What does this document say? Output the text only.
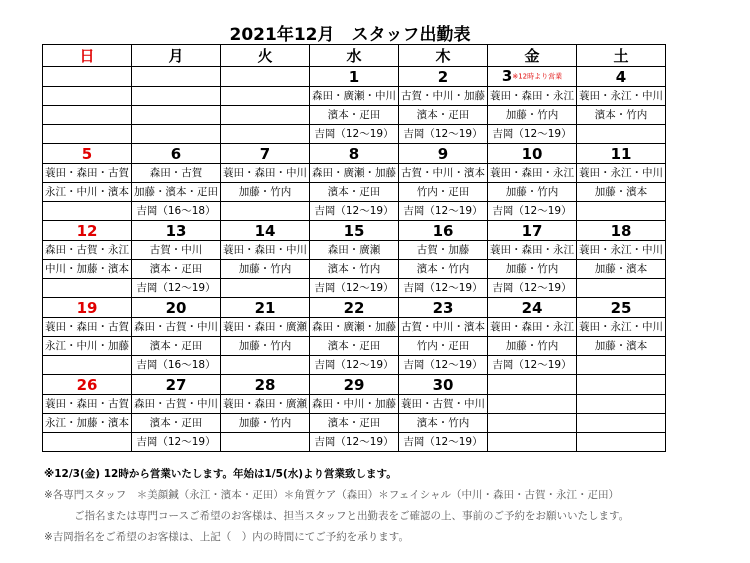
2021年12月　スタッフ出勤表
日	月	火	水	木	金	土
			1	2	3※12時より営業	4
			森田・廣瀬・中川	古賀・中川・加藤	蓑田・森田・永江	蓑田・永江・中川
			濱本・疋田	濱本・疋田	加藤・竹内	濱本・竹内
			吉岡（12〜19）	吉岡（12〜19）	吉岡（12〜19）	
5	6	7	8	9	10	11
蓑田・森田・古賀	森田・古賀	蓑田・森田・中川	森田・廣瀬・加藤	古賀・中川・濱本	蓑田・森田・永江	蓑田・永江・中川
永江・中川・濱本	加藤・濱本・疋田	加藤・竹内	濱本・疋田	竹内・疋田	加藤・竹内	加藤・濱本
	吉岡（16〜18）		吉岡（12〜19）	吉岡（12〜19）	吉岡（12〜19）	
12	13	14	15	16	17	18
森田・古賀・永江	古賀・中川	蓑田・森田・中川	森田・廣瀬	古賀・加藤	蓑田・森田・永江	蓑田・永江・中川
中川・加藤・濱本	濱本・疋田	加藤・竹内	濱本・竹内	濱本・竹内	加藤・竹内	加藤・濱本
	吉岡（12〜19）		吉岡（12〜19）	吉岡（12〜19）	吉岡（12〜19）	
19	20	21	22	23	24	25
蓑田・森田・古賀	森田・古賀・中川	蓑田・森田・廣瀬	森田・廣瀬・加藤	古賀・中川・濱本	蓑田・森田・永江	蓑田・永江・中川
永江・中川・加藤	濱本・疋田	加藤・竹内	濱本・疋田	竹内・疋田	加藤・竹内	加藤・濱本
	吉岡（16〜18）		吉岡（12〜19）	吉岡（12〜19）	吉岡（12〜19）	
26	27	28	29	30		
蓑田・森田・古賀	森田・古賀・中川	蓑田・森田・廣瀬	森田・中川・加藤	蓑田・古賀・中川		
永江・加藤・濱本	濱本・疋田	加藤・竹内	濱本・疋田	濱本・竹内		
	吉岡（12〜19）		吉岡（12〜19）	吉岡（12〜19）		
※12/3(金) 12時から営業いたします。年始は1/5(水)より営業致します。
※各専門スタッフ　＊美顔鍼（永江・濱本・疋田）＊角質ケア（森田）＊フェイシャル（中川・森田・古賀・永江・疋田）
ご指名または専門コースご希望のお客様は、担当スタッフと出勤表をご確認の上、事前のご予約をお願いいたします。
※吉岡指名をご希望のお客様は、上記（　）内の時間にてご予約を承ります。
